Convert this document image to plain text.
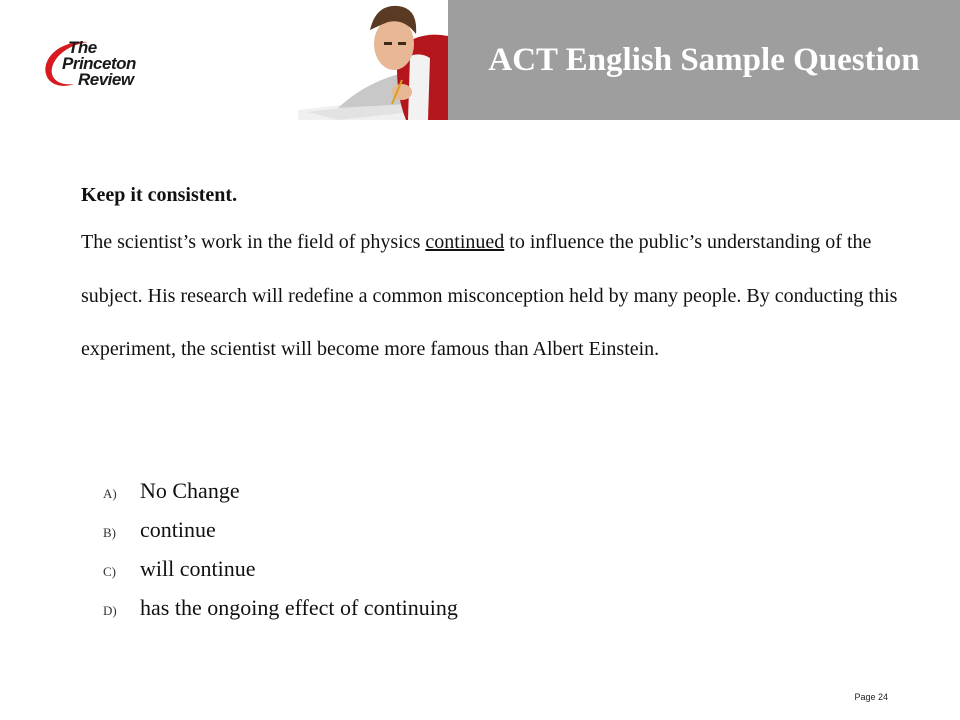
The
Princeton
Review
ACT English Sample Question

Keep it consistent.

The scientist’s work in the field of physics continued to influence the public’s understanding of the subject. His research will redefine a common misconception held by many people. By conducting this experiment, the scientist will become more famous than Albert Einstein.

A)	No Change
B)	continue
C)	will continue
D)	has the ongoing effect of continuing
Page 24
